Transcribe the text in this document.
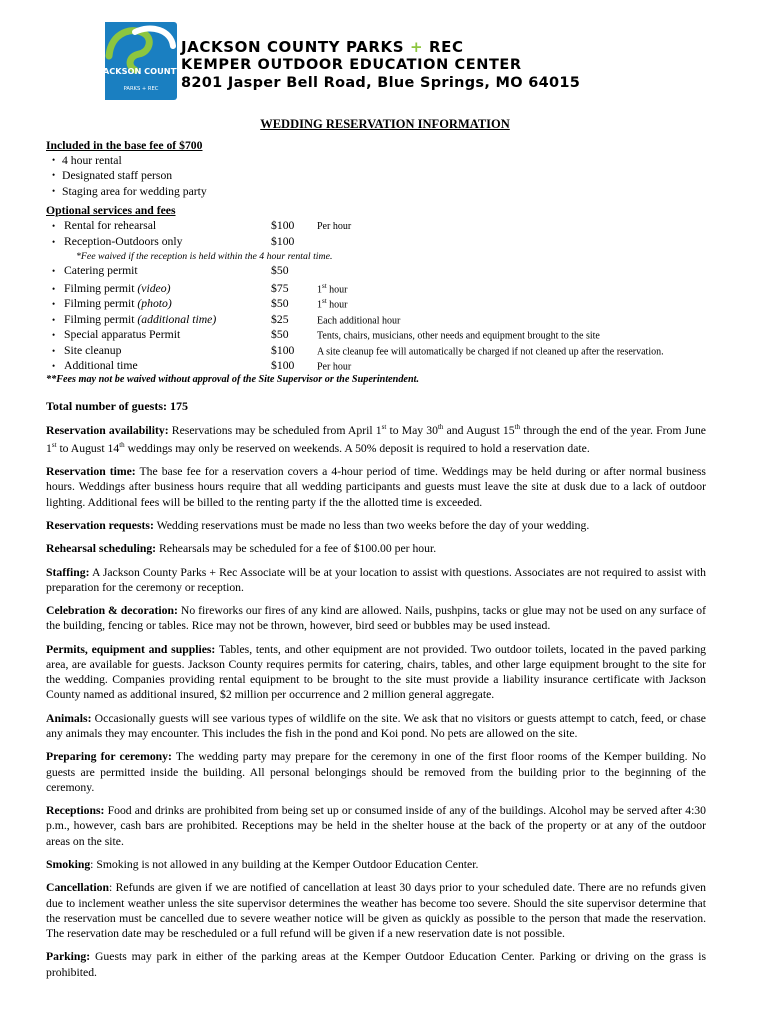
JACKSON COUNTY
PARKS + REC
JACKSON COUNTY PARKS + REC
KEMPER OUTDOOR EDUCATION CENTER
8201 Jasper Bell Road, Blue Springs, MO 64015
WEDDING RESERVATION INFORMATION
Included in the base fee of $700
• 4 hour rental
• Designated staff person
• Staging area for wedding party
Optional services and fees
• Rental for rehearsal	$100	Per hour
• Reception-Outdoors only	$100
*Fee waived if the reception is held within the 4 hour rental time.
• Catering permit	$50
• Filming permit (video)	$75	1st hour
• Filming permit (photo)	$50	1st hour
• Filming permit (additional time)	$25	Each additional hour
• Special apparatus Permit	$50	Tents, chairs, musicians, other needs and equipment brought to the site
• Site cleanup	$100	A site cleanup fee will automatically be charged if not cleaned up after the reservation.
• Additional time	$100	Per hour
**Fees may not be waived without approval of the Site Supervisor or the Superintendent.
Total number of guests: 175
Reservation availability: Reservations may be scheduled from April 1st to May 30th and August 15th through the end of the year. From June 1st to August 14th weddings may only be reserved on weekends. A 50% deposit is required to hold a reservation date.
Reservation time: The base fee for a reservation covers a 4-hour period of time. Weddings may be held during or after normal business hours. Weddings after business hours require that all wedding participants and guests must leave the site at dusk due to a lack of outdoor lighting. Additional fees will be billed to the renting party if the the allotted time is exceeded.
Reservation requests: Wedding reservations must be made no less than two weeks before the day of your wedding.
Rehearsal scheduling: Rehearsals may be scheduled for a fee of $100.00 per hour.
Staffing: A Jackson County Parks + Rec Associate will be at your location to assist with questions. Associates are not required to assist with preparation for the ceremony or reception.
Celebration & decoration: No fireworks our fires of any kind are allowed. Nails, pushpins, tacks or glue may not be used on any surface of the building, fencing or tables. Rice may not be thrown, however, bird seed or bubbles may be used instead.
Permits, equipment and supplies: Tables, tents, and other equipment are not provided. Two outdoor toilets, located in the paved parking area, are available for guests. Jackson County requires permits for catering, chairs, tables, and other large equipment brought to the site for the wedding. Companies providing rental equipment to be brought to the site must provide a liability insurance certificate with Jackson County named as additional insured, $2 million per occurrence and 2 million general aggregate.
Animals: Occasionally guests will see various types of wildlife on the site. We ask that no visitors or guests attempt to catch, feed, or chase any animals they may encounter. This includes the fish in the pond and Koi pond. No pets are allowed on the site.
Preparing for ceremony: The wedding party may prepare for the ceremony in one of the first floor rooms of the Kemper building. No guests are permitted inside the building. All personal belongings should be removed from the building prior to the beginning of the ceremony.
Receptions: Food and drinks are prohibited from being set up or consumed inside of any of the buildings. Alcohol may be served after 4:30 p.m., however, cash bars are prohibited. Receptions may be held in the shelter house at the back of the property or at any of the outdoor areas on the site.
Smoking: Smoking is not allowed in any building at the Kemper Outdoor Education Center.
Cancellation: Refunds are given if we are notified of cancellation at least 30 days prior to your scheduled date. There are no refunds given due to inclement weather unless the site supervisor determines the weather has become too severe. Should the site supervisor determine that the reservation must be cancelled due to severe weather notice will be given as quickly as possible to the person that made the reservation. The reservation date may be rescheduled or a full refund will be given if a new reservation date is not possible.
Parking: Guests may park in either of the parking areas at the Kemper Outdoor Education Center. Parking or driving on the grass is prohibited.
